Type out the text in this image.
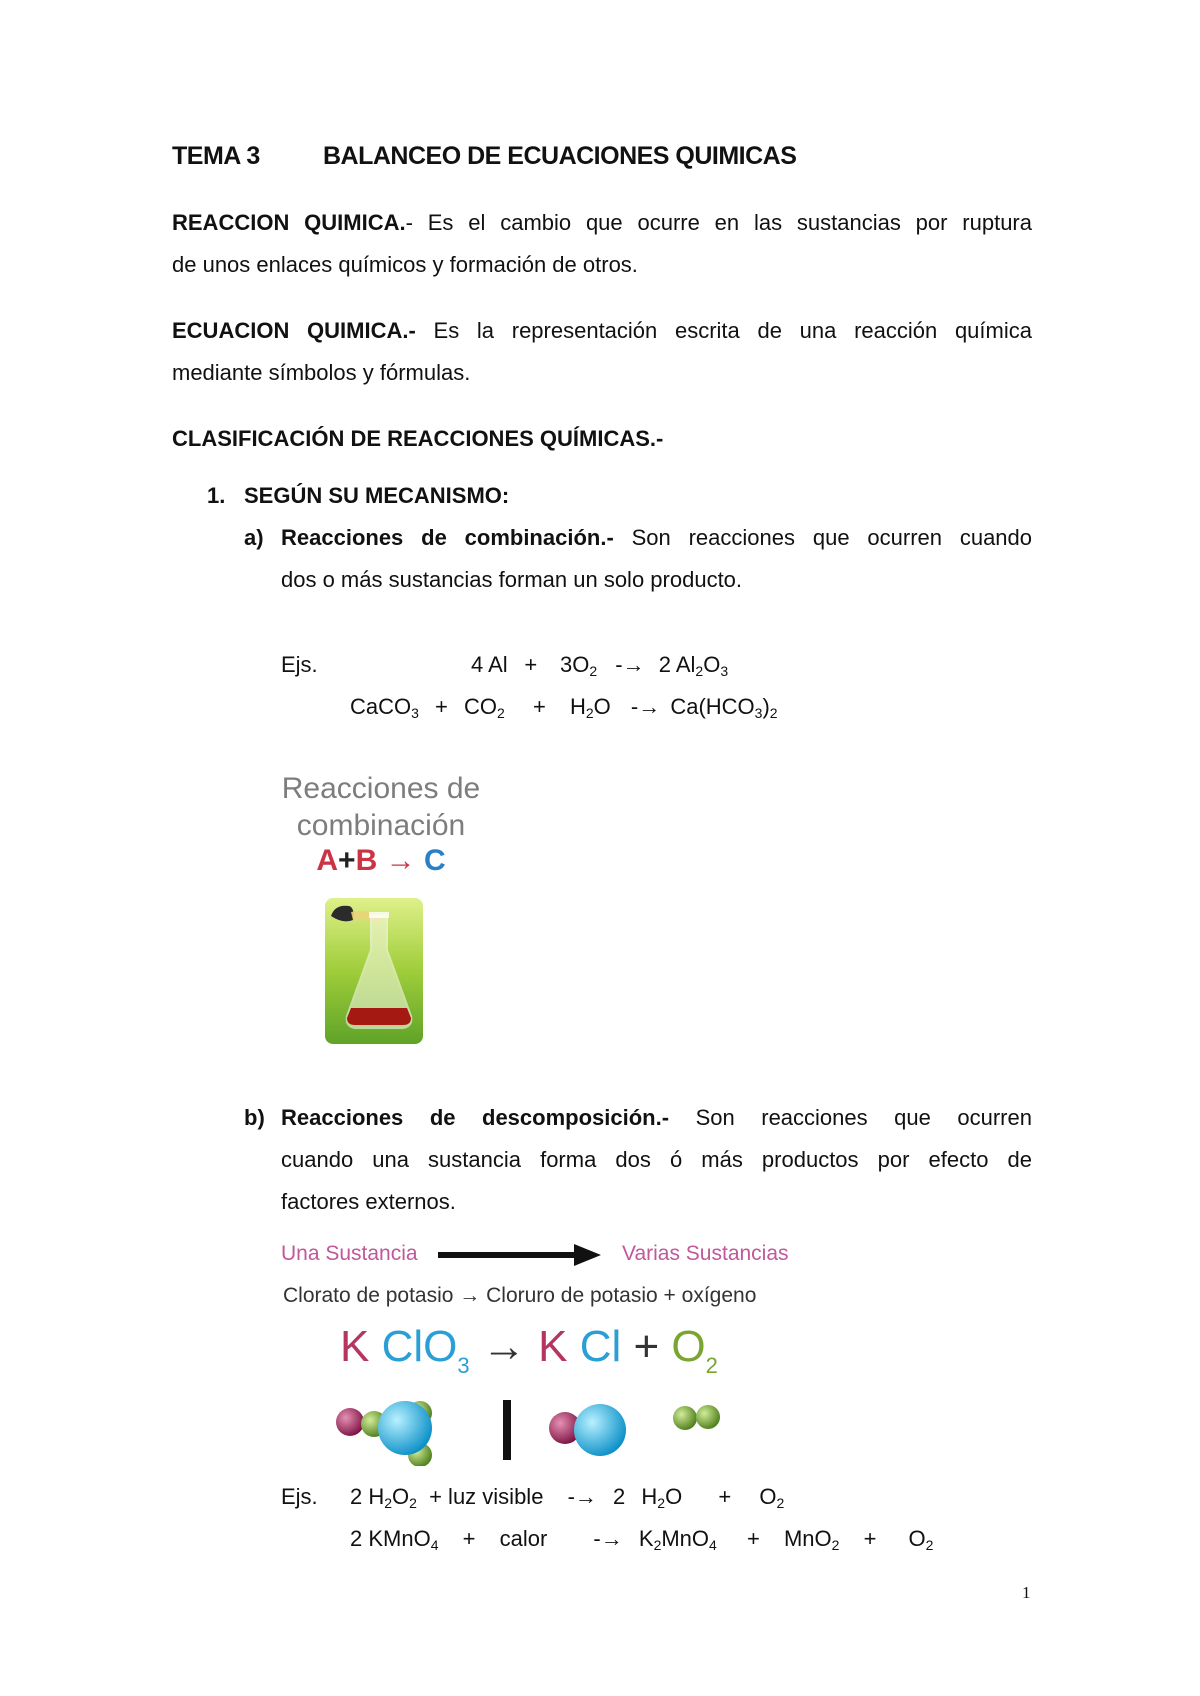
TEMA 3	BALANCEO DE ECUACIONES QUIMICAS
REACCION QUIMICA.- Es el cambio que ocurre en las sustancias por ruptura
de unos enlaces químicos y formación de otros.
ECUACION QUIMICA.- Es la representación escrita de una reacción química
mediante símbolos y fórmulas.
CLASIFICACIÓN DE REACCIONES QUÍMICAS.-
1. SEGÚN SU MECANISMO:
a) Reacciones de combinación.- Son reacciones que ocurren cuando
dos o más sustancias forman un solo producto.
Ejs.	4 $Al + 3O_2 -\to 2$ $Al_2O_3$
CaCO$_3$ + $CO_2 + H_2O -\to Ca(HCO_3)_2$
Reacciones de
combinación
A+B → C
b) Reacciones de descomposición.- Son reacciones que ocurren
cuando una sustancia forma dos ó más productos por efecto de
factores externos.
Una Sustancia	Varias Sustancias
Clorato de potasio → Cloruro de potasio + oxígeno
K ClO$_3$ → K $Cl + O_2$
Ejs. 2 $H_2O_2$ + luz visible -→ 2 $H_2O + O_2$
2 KMnO$_4$ + calor -→ $K_2MnO_4 + MnO_2 + O_2$
1
